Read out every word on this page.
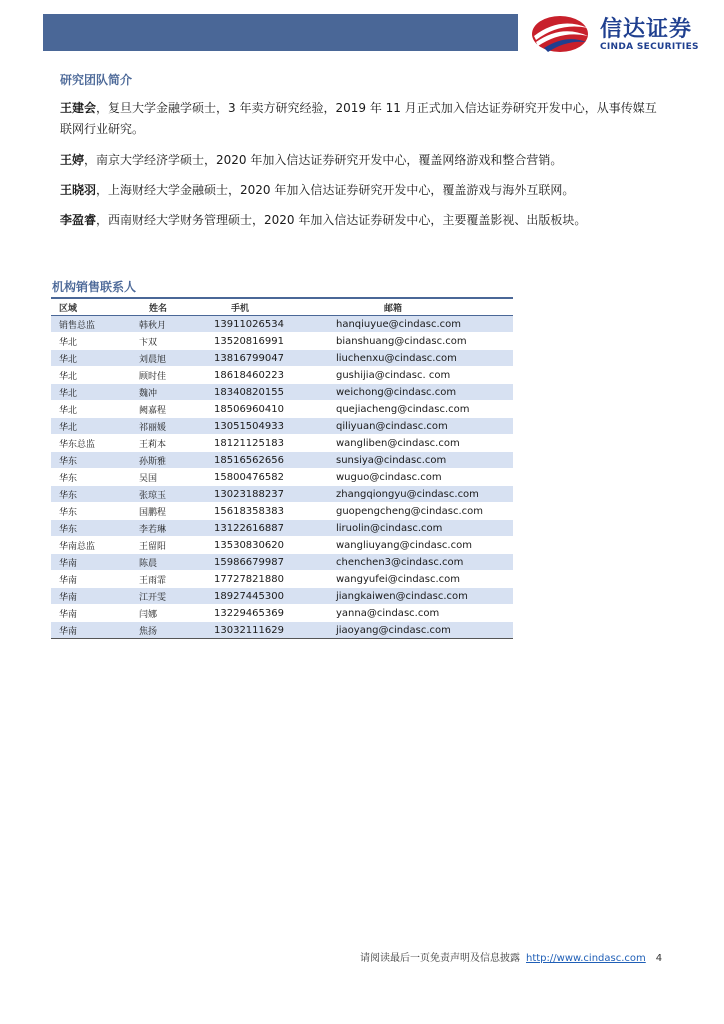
信达证券
CINDA SECURITIES
研究团队简介

王建会，复旦大学金融学硕士，3 年卖方研究经验，2019 年 11 月正式加入信达证券研究开发中心，从事传媒互联网行业研究。

王婷，南京大学经济学硕士，2020 年加入信达证券研究开发中心，覆盖网络游戏和整合营销。

王晓羽，上海财经大学金融硕士，2020 年加入信达证券研究开发中心，覆盖游戏与海外互联网。

李盈睿，西南财经大学财务管理硕士，2020 年加入信达证券研发中心，主要覆盖影视、出版板块。

机构销售联系人
区域	姓名	手机	邮箱
销售总监	韩秋月	13911026534	hanqiuyue@cindasc.com
华北	卞双	13520816991	bianshuang@cindasc.com
华北	刘晨旭	13816799047	liuchenxu@cindasc.com
华北	顾时佳	18618460223	gushijia@cindasc. com
华北	魏冲	18340820155	weichong@cindasc.com
华北	阙嘉程	18506960410	quejiacheng@cindasc.com
华北	祁丽媛	13051504933	qiliyuan@cindasc.com
华东总监	王莉本	18121125183	wangliben@cindasc.com
华东	孙斯雅	18516562656	sunsiya@cindasc.com
华东	吴国	15800476582	wuguo@cindasc.com
华东	张琼玉	13023188237	zhangqiongyu@cindasc.com
华东	国鹏程	15618358383	guopengcheng@cindasc.com
华东	李若琳	13122616887	liruolin@cindasc.com
华南总监	王留阳	13530830620	wangliuyang@cindasc.com
华南	陈晨	15986679987	chenchen3@cindasc.com
华南	王雨霏	17727821880	wangyufei@cindasc.com
华南	江开雯	18927445300	jiangkaiwen@cindasc.com
华南	闫娜	13229465369	yanna@cindasc.com
华南	焦扬	13032111629	jiaoyang@cindasc.com
请阅读最后一页免责声明及信息披露 http://www.cindasc.com 4
